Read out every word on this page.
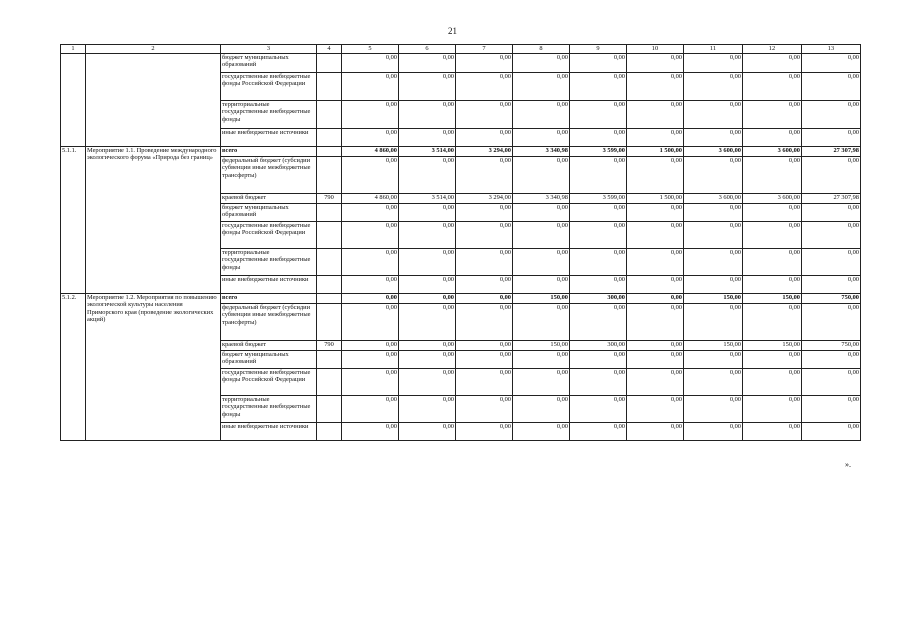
21
1	2	3	4	5	6	7	8	9	10	11	12	13
		бюджет муниципальных образований		0,00	0,00	0,00	0,00	0,00	0,00	0,00	0,00	0,00
		государственные внебюджетные фонды Российской Федерации		0,00	0,00	0,00	0,00	0,00	0,00	0,00	0,00	0,00
		территориальные государственные внебюджетные фонды		0,00	0,00	0,00	0,00	0,00	0,00	0,00	0,00	0,00
		иные внебюджетные источники		0,00	0,00	0,00	0,00	0,00	0,00	0,00	0,00	0,00
5.1.1.	Мероприятие 1.1. Проведение международного экологического форума «Природа без границ»	всего		4 860,00	3 514,00	3 294,00	3 340,98	3 599,00	1 500,00	3 600,00	3 600,00	27 307,98
		федеральный бюджет (субсидии субвенции иные межбюджетные трансферты)		0,00	0,00	0,00	0,00	0,00	0,00	0,00	0,00	0,00
		краевой бюджет	790	4 860,00	3 514,00	3 294,00	3 340,98	3 599,00	1 500,00	3 600,00	3 600,00	27 307,98
		бюджет муниципальных образований		0,00	0,00	0,00	0,00	0,00	0,00	0,00	0,00	0,00
		государственные внебюджетные фонды Российской Федерации		0,00	0,00	0,00	0,00	0,00	0,00	0,00	0,00	0,00
		территориальные государственные внебюджетные фонды		0,00	0,00	0,00	0,00	0,00	0,00	0,00	0,00	0,00
		иные внебюджетные источники		0,00	0,00	0,00	0,00	0,00	0,00	0,00	0,00	0,00
5.1.2.	Мероприятие 1.2. Мероприятия по повышению экологической культуры населения Приморского края (проведение экологических акций)	всего		0,00	0,00	0,00	150,00	300,00	0,00	150,00	150,00	750,00
		федеральный бюджет (субсидии субвенции иные межбюджетные трансферты)		0,00	0,00	0,00	0,00	0,00	0,00	0,00	0,00	0,00
		краевой бюджет	790	0,00	0,00	0,00	150,00	300,00	0,00	150,00	150,00	750,00
		бюджет муниципальных образований		0,00	0,00	0,00	0,00	0,00	0,00	0,00	0,00	0,00
		государственные внебюджетные фонды Российской Федерации		0,00	0,00	0,00	0,00	0,00	0,00	0,00	0,00	0,00
		территориальные государственные внебюджетные фонды		0,00	0,00	0,00	0,00	0,00	0,00	0,00	0,00	0,00
		иные внебюджетные источники		0,00	0,00	0,00	0,00	0,00	0,00	0,00	0,00	0,00
».
